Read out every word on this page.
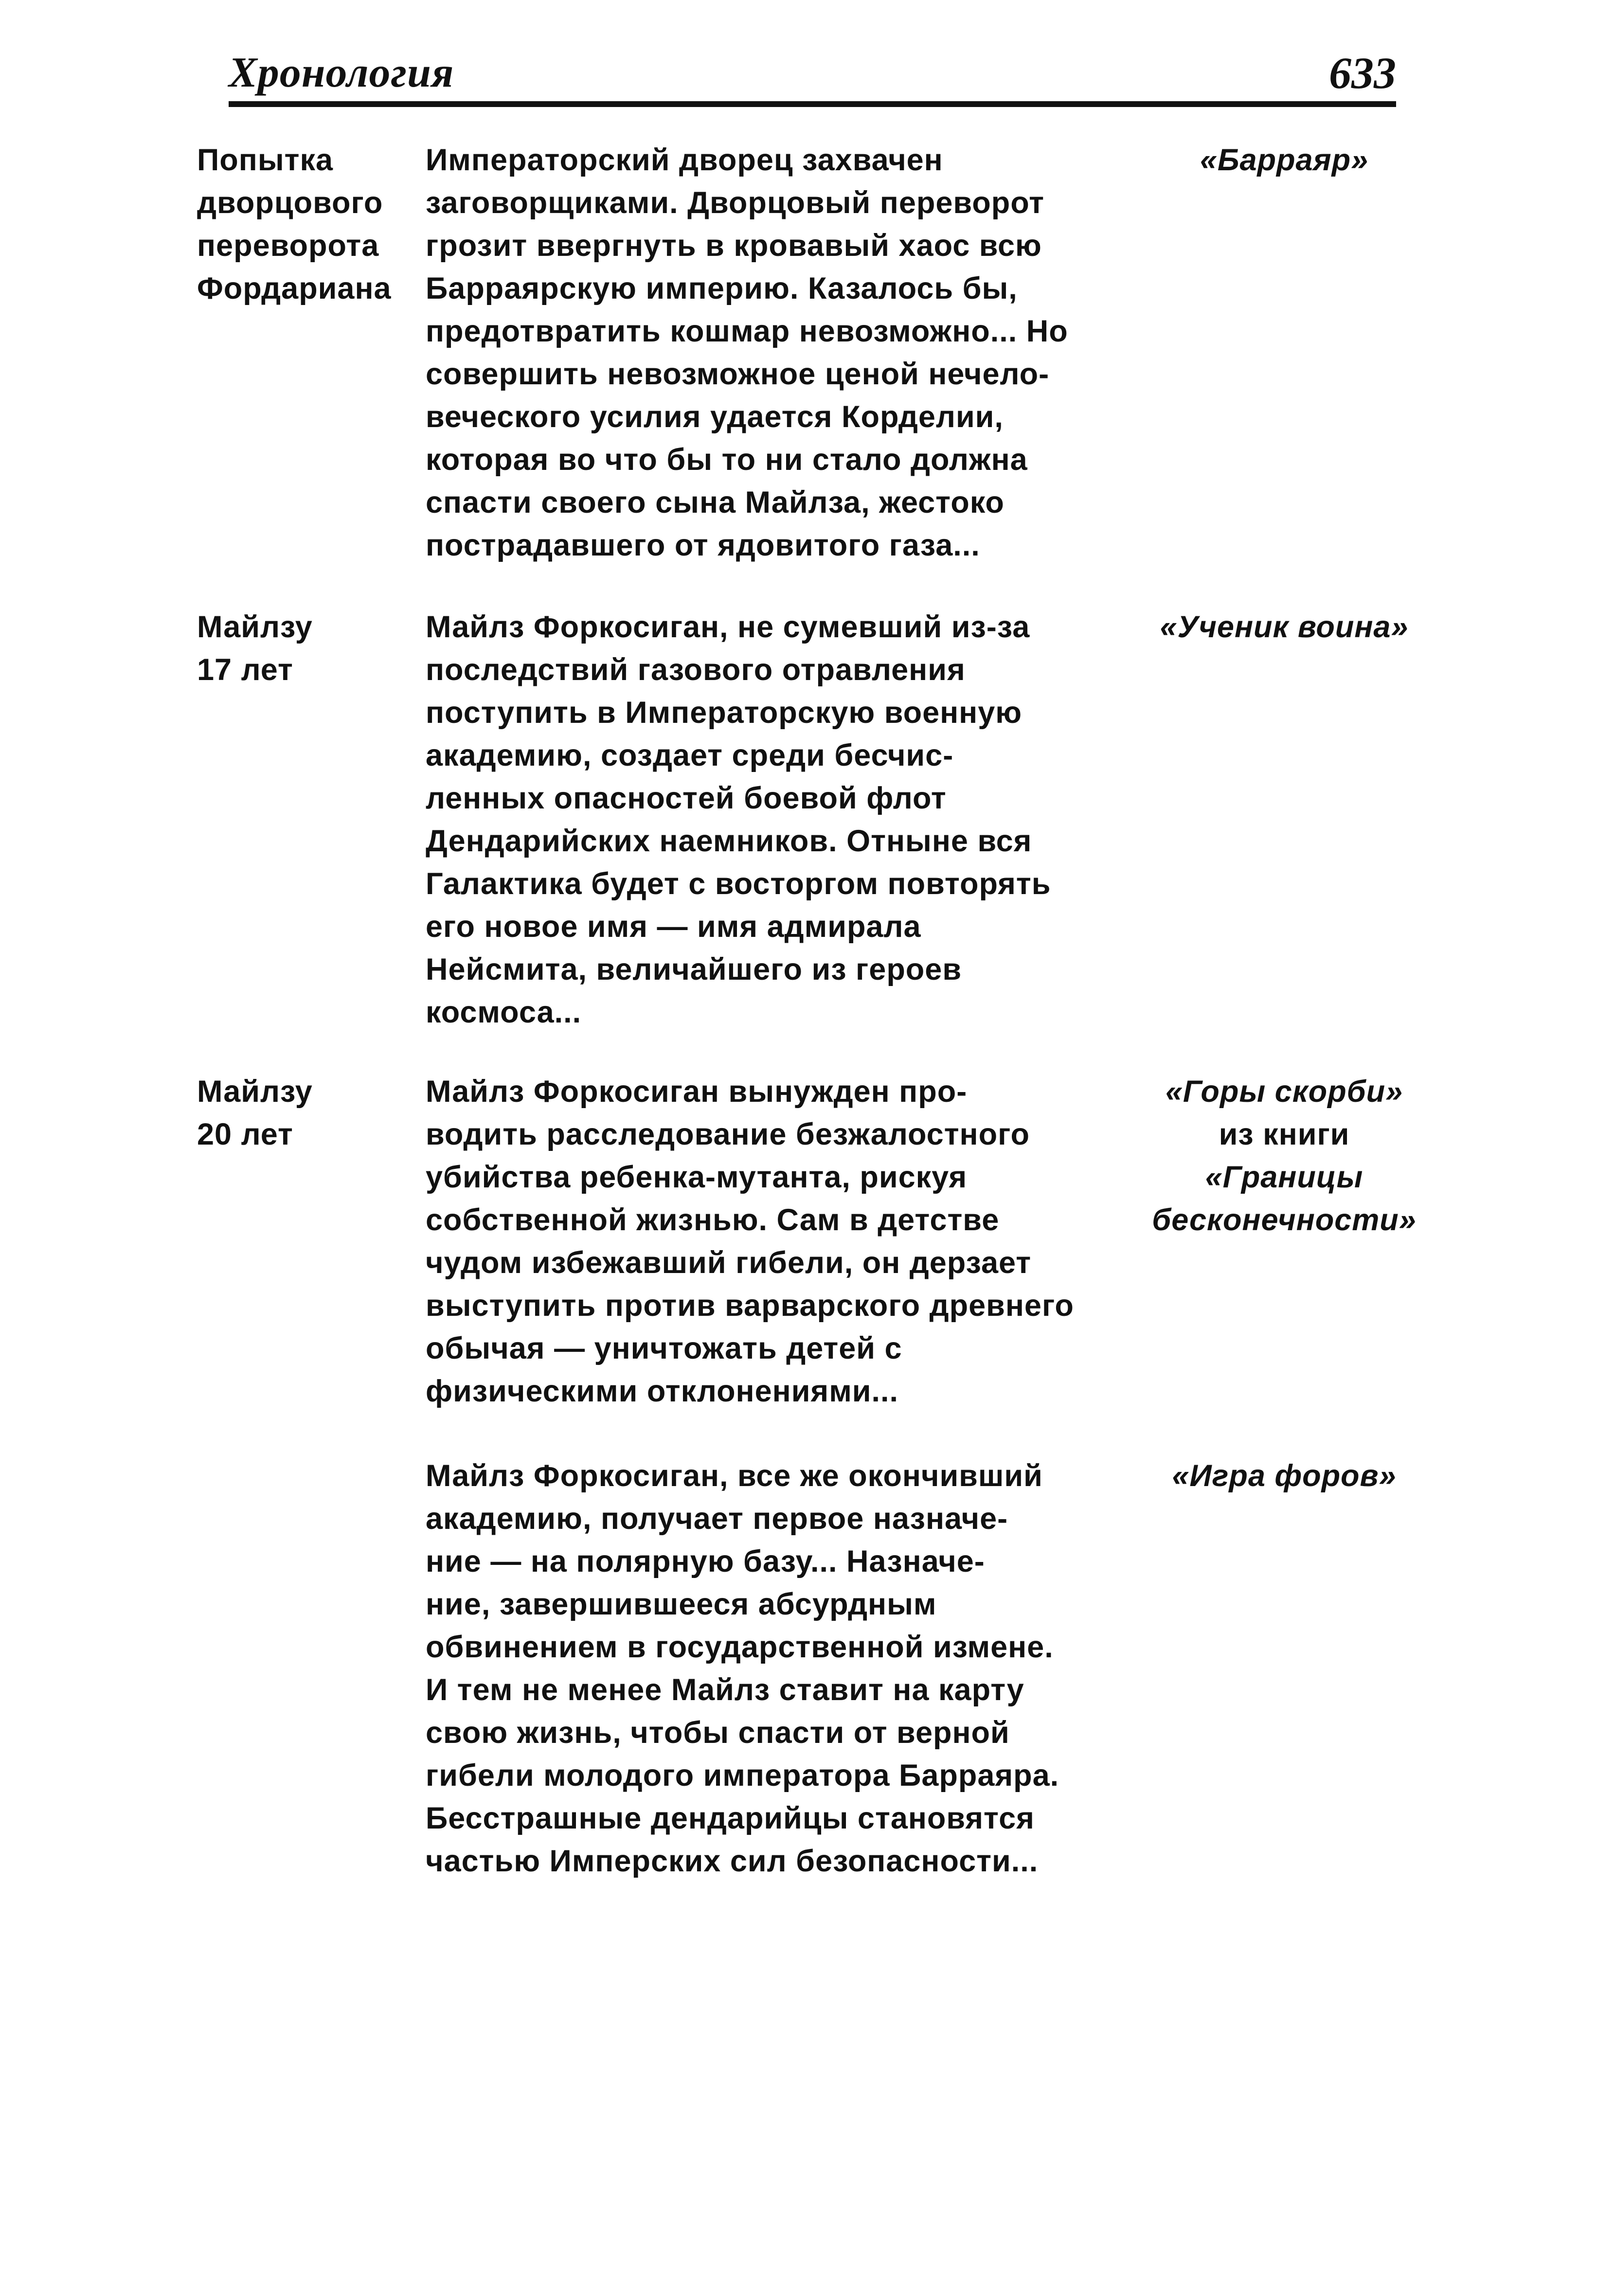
Хронология	633
Попытка
дворцового
переворота
Фордариана
Императорский дворец захвачен
заговорщиками. Дворцовый переворот
грозит ввергнуть в кровавый хаос всю
Барраярскую империю. Казалось бы,
предотвратить кошмар невозможно... Но
совершить невозможное ценой нечело-
веческого усилия удается Корделии,
которая во что бы то ни стало должна
спасти своего сына Майлза, жестоко
пострадавшего от ядовитого газа...
«Барраяр»
Майлзу
17 лет
Майлз Форкосиган, не сумевший из-за
последствий газового отравления
поступить в Императорскую военную
академию, создает среди бесчис-
ленных опасностей боевой флот
Дендарийских наемников. Отныне вся
Галактика будет с восторгом повторять
его новое имя — имя адмирала
Нейсмита, величайшего из героев
космоса...
«Ученик воина»
Майлзу
20 лет
Майлз Форкосиган вынужден про-
водить расследование безжалостного
убийства ребенка-мутанта, рискуя
собственной жизнью. Сам в детстве
чудом избежавший гибели, он дерзает
выступить против варварского древнего
обычая — уничтожать детей с
физическими отклонениями...
«Горы скорби»
из книги
«Границы
бесконечности»
Майлз Форкосиган, все же окончивший
академию, получает первое назначе-
ние — на полярную базу... Назначе-
ние, завершившееся абсурдным
обвинением в государственной измене.
И тем не менее Майлз ставит на карту
свою жизнь, чтобы спасти от верной
гибели молодого императора Барраяра.
Бесстрашные дендарийцы становятся
частью Имперских сил безопасности...
«Игра форов»
